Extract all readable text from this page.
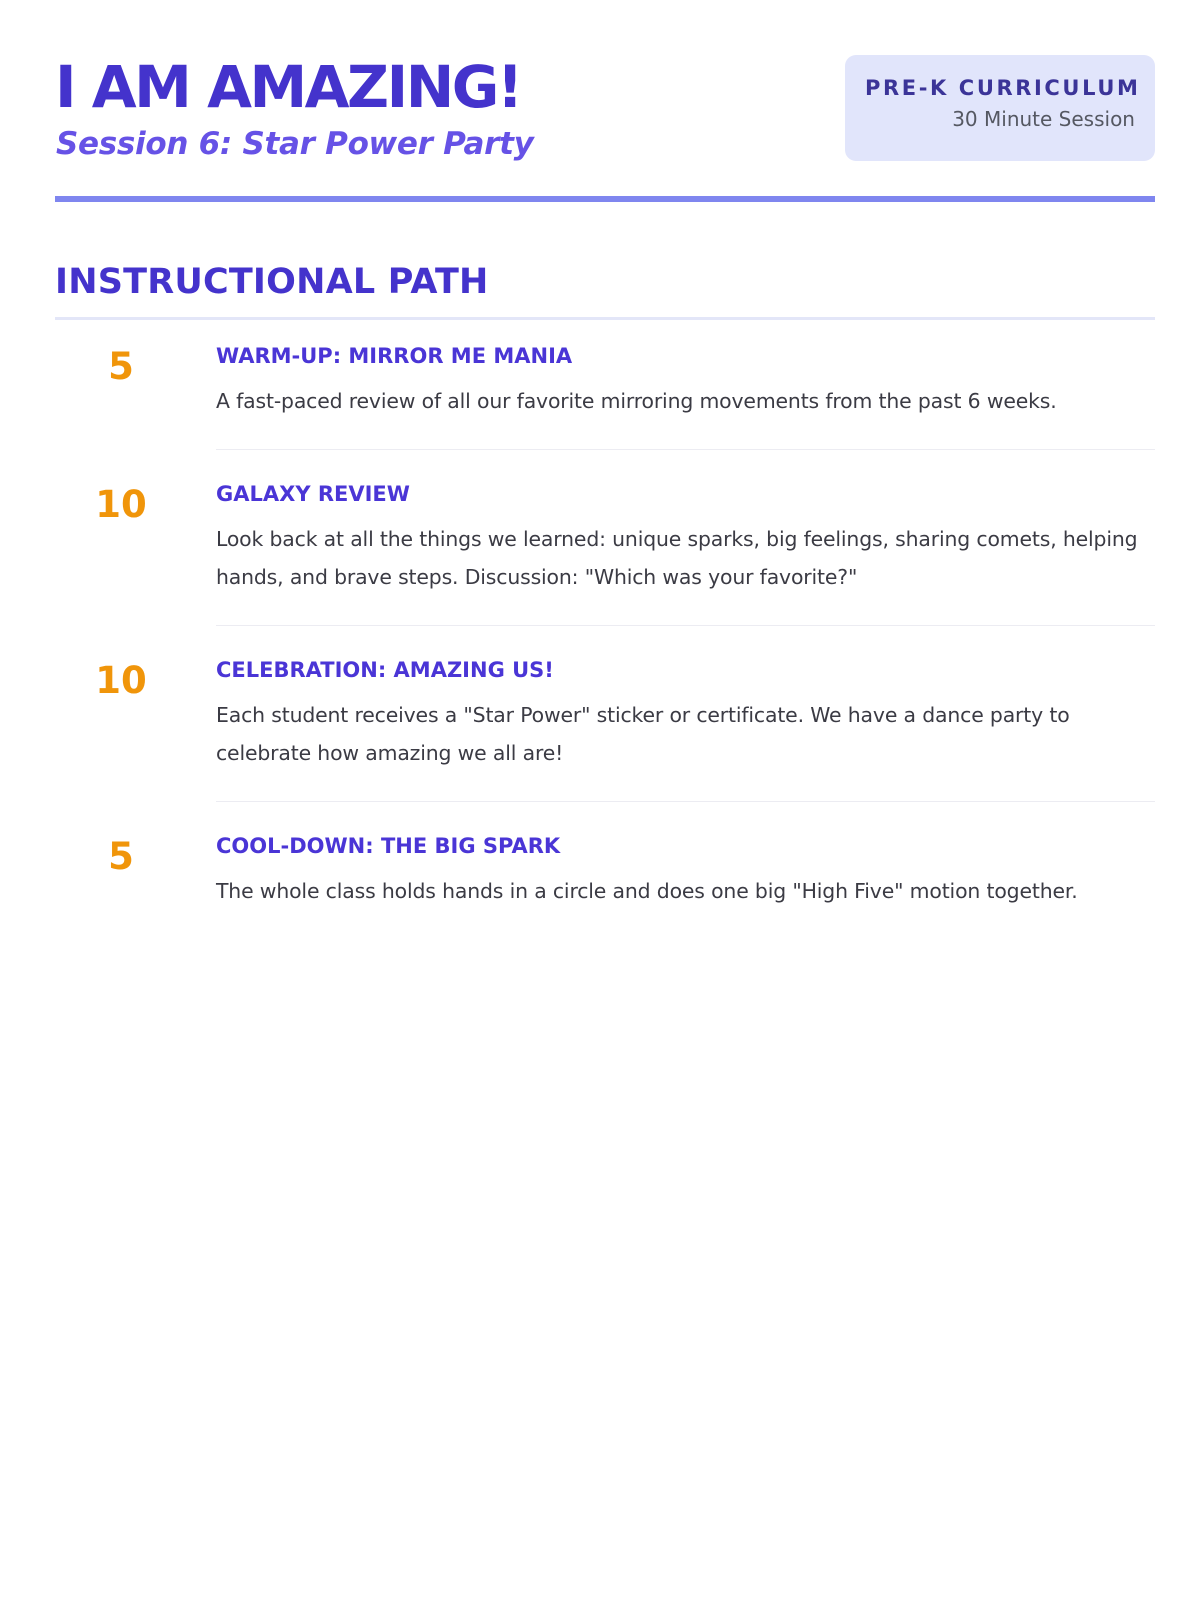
I AM AMAZING!
Session 6: Star Power Party
PRE-K CURRICULUM
30 Minute Session
INSTRUCTIONAL PATH
5	WARM-UP: MIRROR ME MANIA
A fast-paced review of all our favorite mirroring movements from the past 6 weeks.
10	GALAXY REVIEW
Look back at all the things we learned: unique sparks, big feelings, sharing comets, helping hands, and brave steps. Discussion: "Which was your favorite?"
10	CELEBRATION: AMAZING US!
Each student receives a "Star Power" sticker or certificate. We have a dance party to celebrate how amazing we all are!
5	COOL-DOWN: THE BIG SPARK
The whole class holds hands in a circle and does one big "High Five" motion together.
